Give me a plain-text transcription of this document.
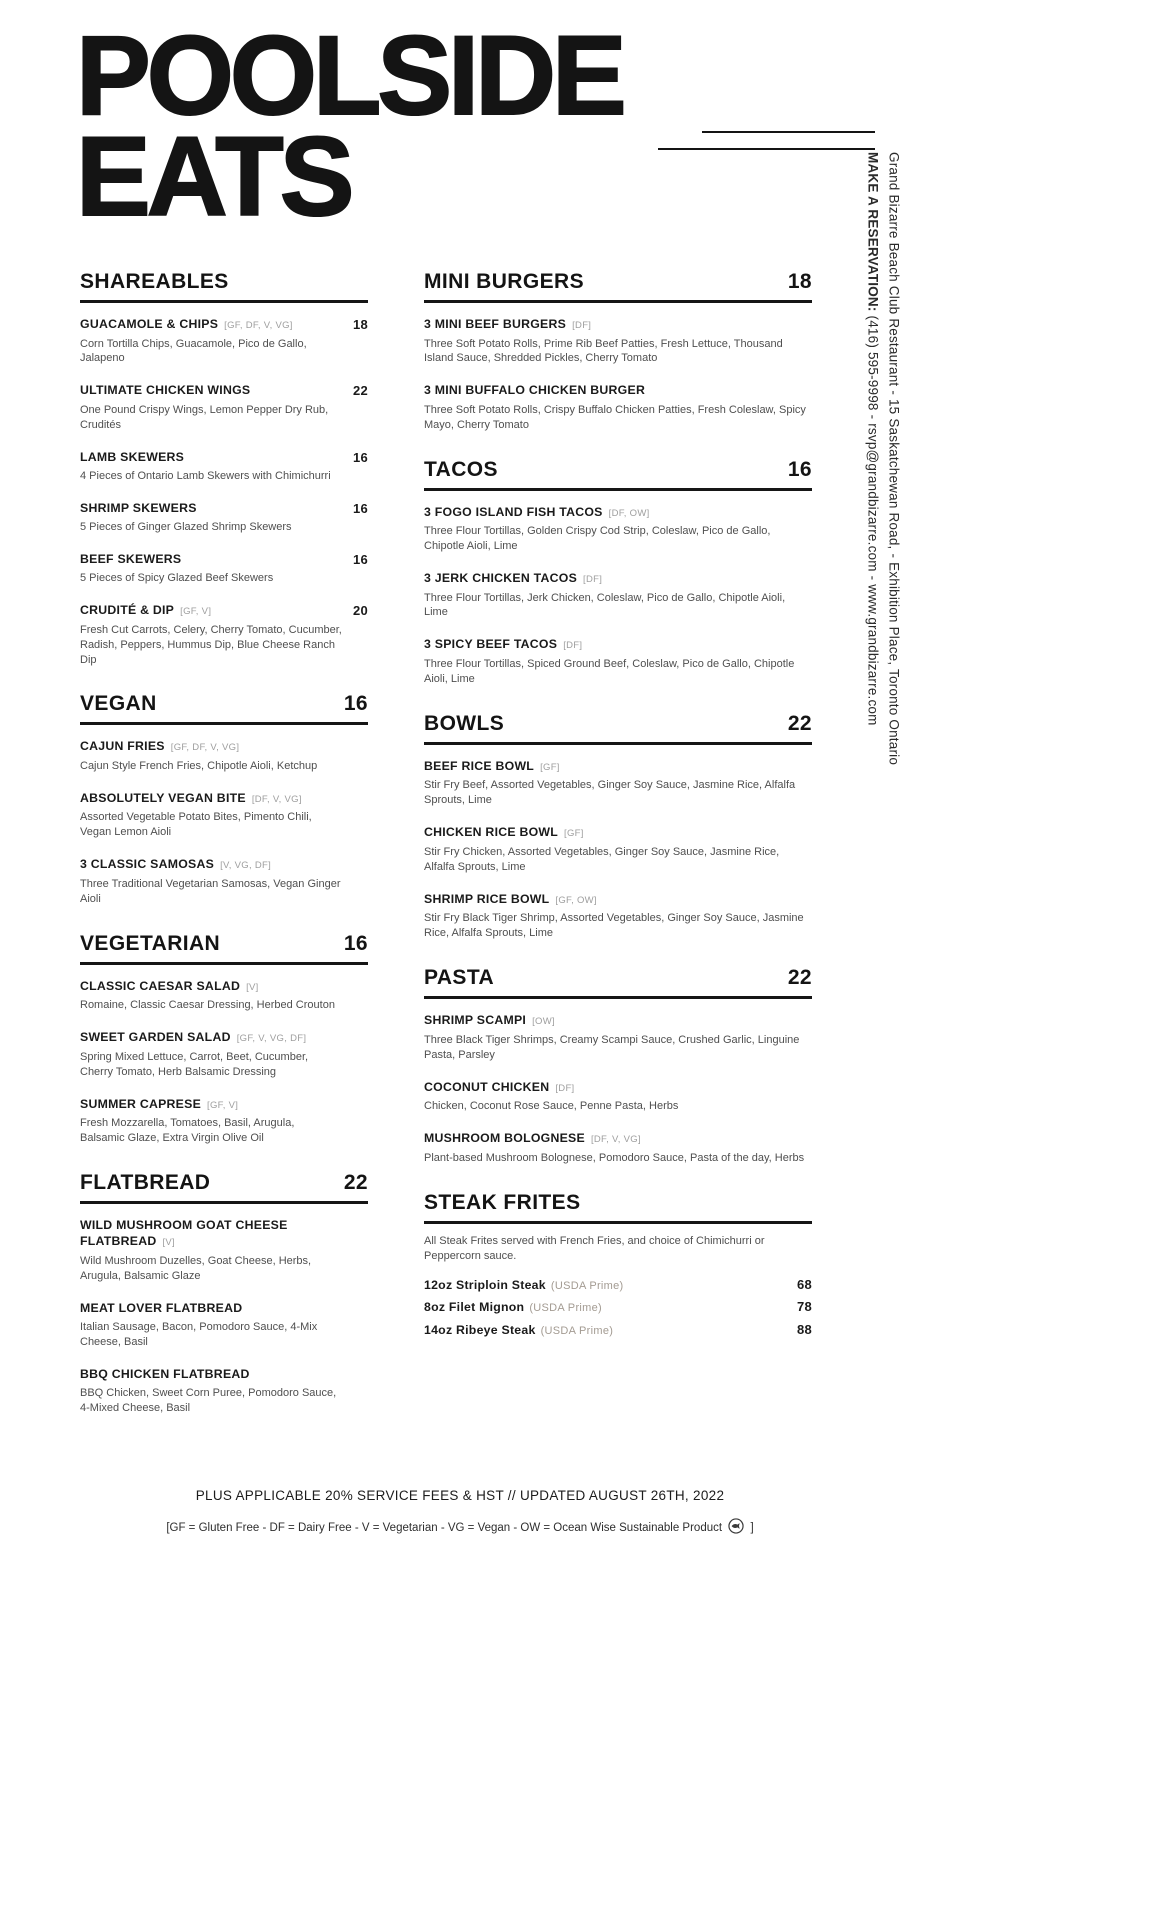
POOLSIDE
EATS	Grand Bizarre Beach Club Restaurant - 15 Saskatchewan Road, - Exhibition Place, Toronto Ontario
MAKE A RESERVATION: (416) 595-9998 - rsvp@grandbizarre.com - www.grandbizarre.com
SHAREABLES
GUACAMOLE & CHIPS [GF, DF, V, VG]	18

Corn Tortilla Chips, Guacamole, Pico de Gallo, Jalapeno

ULTIMATE CHICKEN WINGS	22

One Pound Crispy Wings, Lemon Pepper Dry Rub, Crudités

LAMB SKEWERS	16

4 Pieces of Ontario Lamb Skewers with Chimichurri

SHRIMP SKEWERS	16

5 Pieces of Ginger Glazed Shrimp Skewers

BEEF SKEWERS	16

5 Pieces of Spicy Glazed Beef Skewers

CRUDITÉ & DIP [GF, V]	20

Fresh Cut Carrots, Celery, Cherry Tomato, Cucumber, Radish, Peppers, Hummus Dip, Blue Cheese Ranch Dip

VEGAN	16
CAJUN FRIES [GF, DF, V, VG]

Cajun Style French Fries, Chipotle Aioli, Ketchup

ABSOLUTELY VEGAN BITE [DF, V, VG]

Assorted Vegetable Potato Bites, Pimento Chili, Vegan Lemon Aioli

3 CLASSIC SAMOSAS [V, VG, DF]

Three Traditional Vegetarian Samosas, Vegan Ginger Aioli

VEGETARIAN	16
CLASSIC CAESAR SALAD [V]

Romaine, Classic Caesar Dressing, Herbed Crouton

SWEET GARDEN SALAD [GF, V, VG, DF]

Spring Mixed Lettuce, Carrot, Beet, Cucumber, Cherry Tomato, Herb Balsamic Dressing

SUMMER CAPRESE [GF, V]

Fresh Mozzarella, Tomatoes, Basil, Arugula, Balsamic Glaze, Extra Virgin Olive Oil

FLATBREAD	22
WILD MUSHROOM GOAT CHEESE FLATBREAD [V]

Wild Mushroom Duzelles, Goat Cheese, Herbs, Arugula, Balsamic Glaze

MEAT LOVER FLATBREAD

Italian Sausage, Bacon, Pomodoro Sauce, 4-Mix Cheese, Basil

BBQ CHICKEN FLATBREAD

BBQ Chicken, Sweet Corn Puree, Pomodoro Sauce, 4-Mixed Cheese, Basil

MINI BURGERS	18
3 MINI BEEF BURGERS [DF]

Three Soft Potato Rolls, Prime Rib Beef Patties, Fresh Lettuce, Thousand Island Sauce, Shredded Pickles, Cherry Tomato

3 MINI BUFFALO CHICKEN BURGER

Three Soft Potato Rolls, Crispy Buffalo Chicken Patties, Fresh Coleslaw, Spicy Mayo, Cherry Tomato

TACOS	16
3 FOGO ISLAND FISH TACOS [DF, OW]

Three Flour Tortillas, Golden Crispy Cod Strip, Coleslaw, Pico de Gallo, Chipotle Aioli, Lime

3 JERK CHICKEN TACOS [DF]

Three Flour Tortillas, Jerk Chicken, Coleslaw, Pico de Gallo, Chipotle Aioli, Lime

3 SPICY BEEF TACOS [DF]

Three Flour Tortillas, Spiced Ground Beef, Coleslaw, Pico de Gallo, Chipotle Aioli, Lime

BOWLS	22
BEEF RICE BOWL [GF]

Stir Fry Beef, Assorted Vegetables, Ginger Soy Sauce, Jasmine Rice, Alfalfa Sprouts, Lime

CHICKEN RICE BOWL [GF]

Stir Fry Chicken, Assorted Vegetables, Ginger Soy Sauce, Jasmine Rice, Alfalfa Sprouts, Lime

SHRIMP RICE BOWL [GF, OW]

Stir Fry Black Tiger Shrimp, Assorted Vegetables, Ginger Soy Sauce, Jasmine Rice, Alfalfa Sprouts, Lime

PASTA	22
SHRIMP SCAMPI [OW]

Three Black Tiger Shrimps, Creamy Scampi Sauce, Crushed Garlic, Linguine Pasta, Parsley

COCONUT CHICKEN [DF]

Chicken, Coconut Rose Sauce, Penne Pasta, Herbs

MUSHROOM BOLOGNESE [DF, V, VG]

Plant-based Mushroom Bolognese, Pomodoro Sauce, Pasta of the day, Herbs

STEAK FRITES

All Steak Frites served with French Fries, and choice of Chimichurri or Peppercorn sauce.

12oz Striploin Steak (USDA Prime)	68
8oz Filet Mignon (USDA Prime)	78
14oz Ribeye Steak (USDA Prime)	88
PLUS APPLICABLE 20% SERVICE FEES & HST // UPDATED AUGUST 26TH, 2022
[GF = Gluten Free - DF = Dairy Free - V = Vegetarian - VG = Vegan - OW = Ocean Wise Sustainable Product ]
